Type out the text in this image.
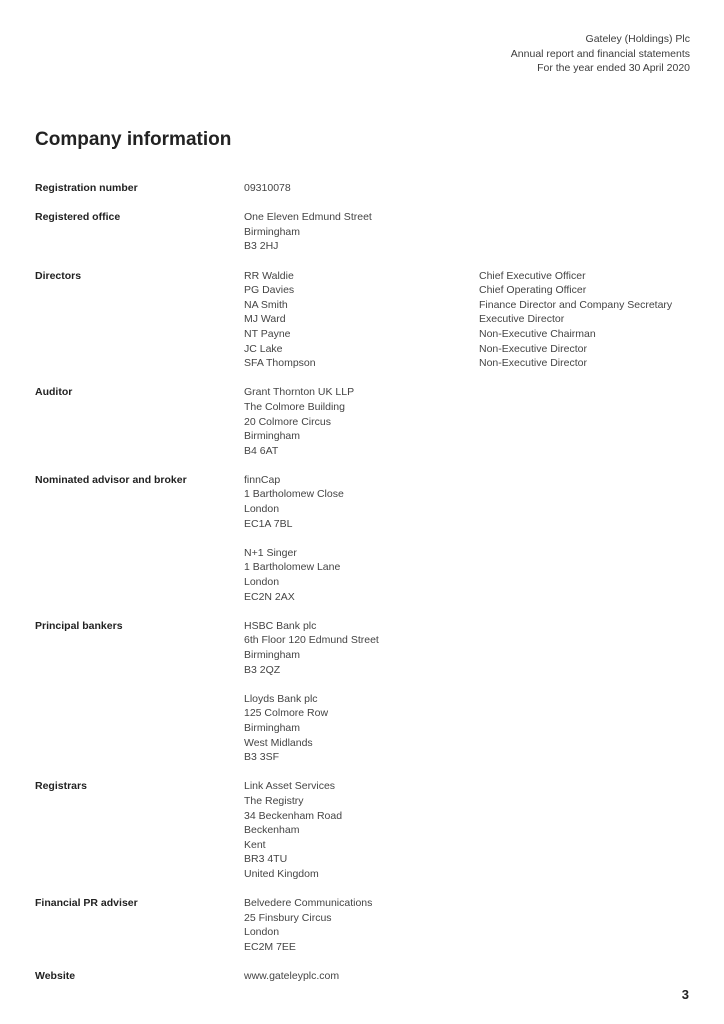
Gateley (Holdings) Plc
Annual report and financial statements
For the year ended 30 April 2020
Company information
Registration number	09310078
Registered office	One Eleven Edmund Street
Birmingham
B3 2HJ
Directors	RR Waldie	Chief Executive Officer
PG Davies	Chief Operating Officer
NA Smith	Finance Director and Company Secretary
MJ Ward	Executive Director
NT Payne	Non-Executive Chairman
JC Lake	Non-Executive Director
SFA Thompson	Non-Executive Director
Auditor	Grant Thornton UK LLP
The Colmore Building
20 Colmore Circus
Birmingham
B4 6AT
Nominated advisor and broker	finnCap
1 Bartholomew Close
London
EC1A 7BL
N+1 Singer
1 Bartholomew Lane
London
EC2N 2AX
Principal bankers	HSBC Bank plc
6th Floor 120 Edmund Street
Birmingham
B3 2QZ
Lloyds Bank plc
125 Colmore Row
Birmingham
West Midlands
B3 3SF
Registrars	Link Asset Services
The Registry
34 Beckenham Road
Beckenham
Kent
BR3 4TU
United Kingdom
Financial PR adviser	Belvedere Communications
25 Finsbury Circus
London
EC2M 7EE
Website	www.gateleyplc.com
3
